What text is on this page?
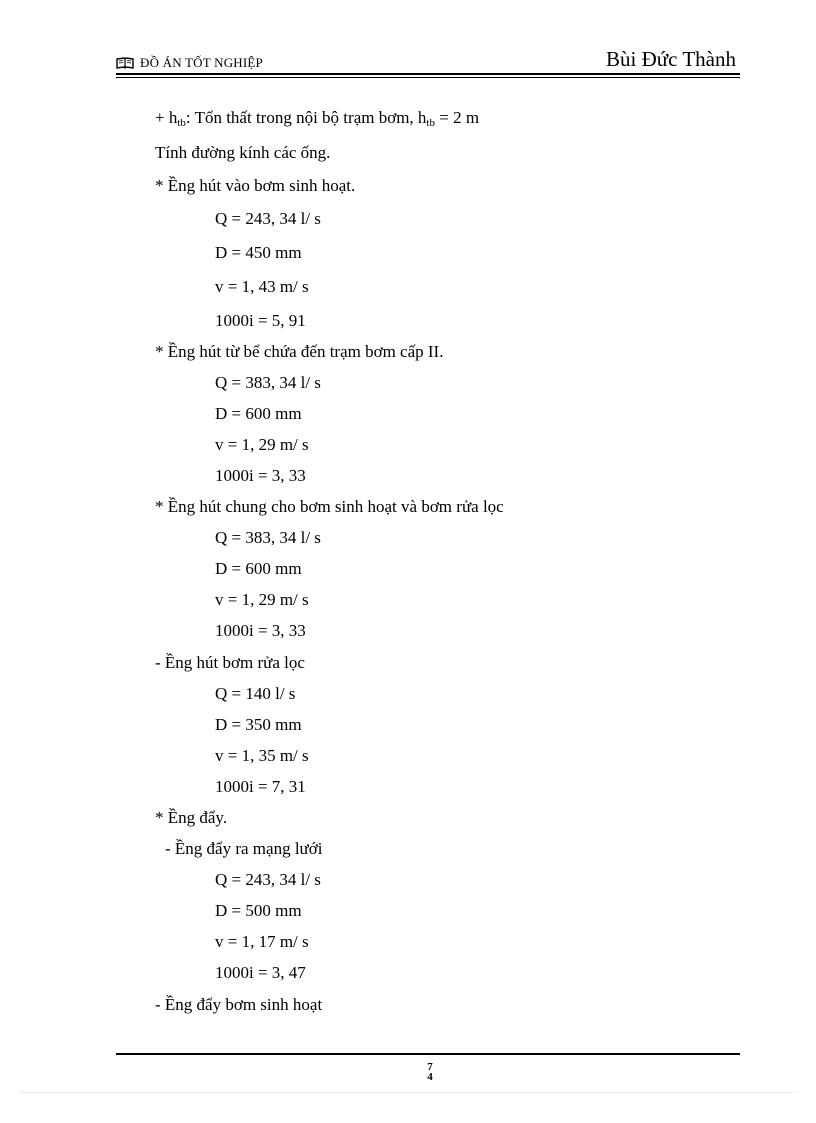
ĐỒ ÁN TỐT NGHIỆP	Bùi Đức Thành
+ $h_{tb}$: Tổn thất trong nội bộ trạm bơm, $h_{tb} = 2$ m
Tính đường kính các ống.
* Ềng hút vào bơm sinh hoạt.
Q = 243, 34 l/ s
D = 450 mm
v = 1, 43 m/ s
1000i = 5, 91
* Ềng hút từ bể chứa đến trạm bơm cấp II.
Q = 383, 34 l/ s
D = 600 mm
v = 1, 29 m/ s
1000i = 3, 33
* Ềng hút chung cho bơm sinh hoạt và bơm rửa lọc
Q = 383, 34 l/ s
D = 600 mm
v = 1, 29 m/ s
1000i = 3, 33
- Ềng hút bơm rửa lọc
Q = 140 l/ s
D = 350 mm
v = 1, 35 m/ s
1000i = 7, 31
* Ềng đẩy.
- Ềng đẩy ra mạng lưới
Q = 243, 34 l/ s
D = 500 mm
v = 1, 17 m/ s
1000i = 3, 47
- Ềng đẩy bơm sinh hoạt
7
4
